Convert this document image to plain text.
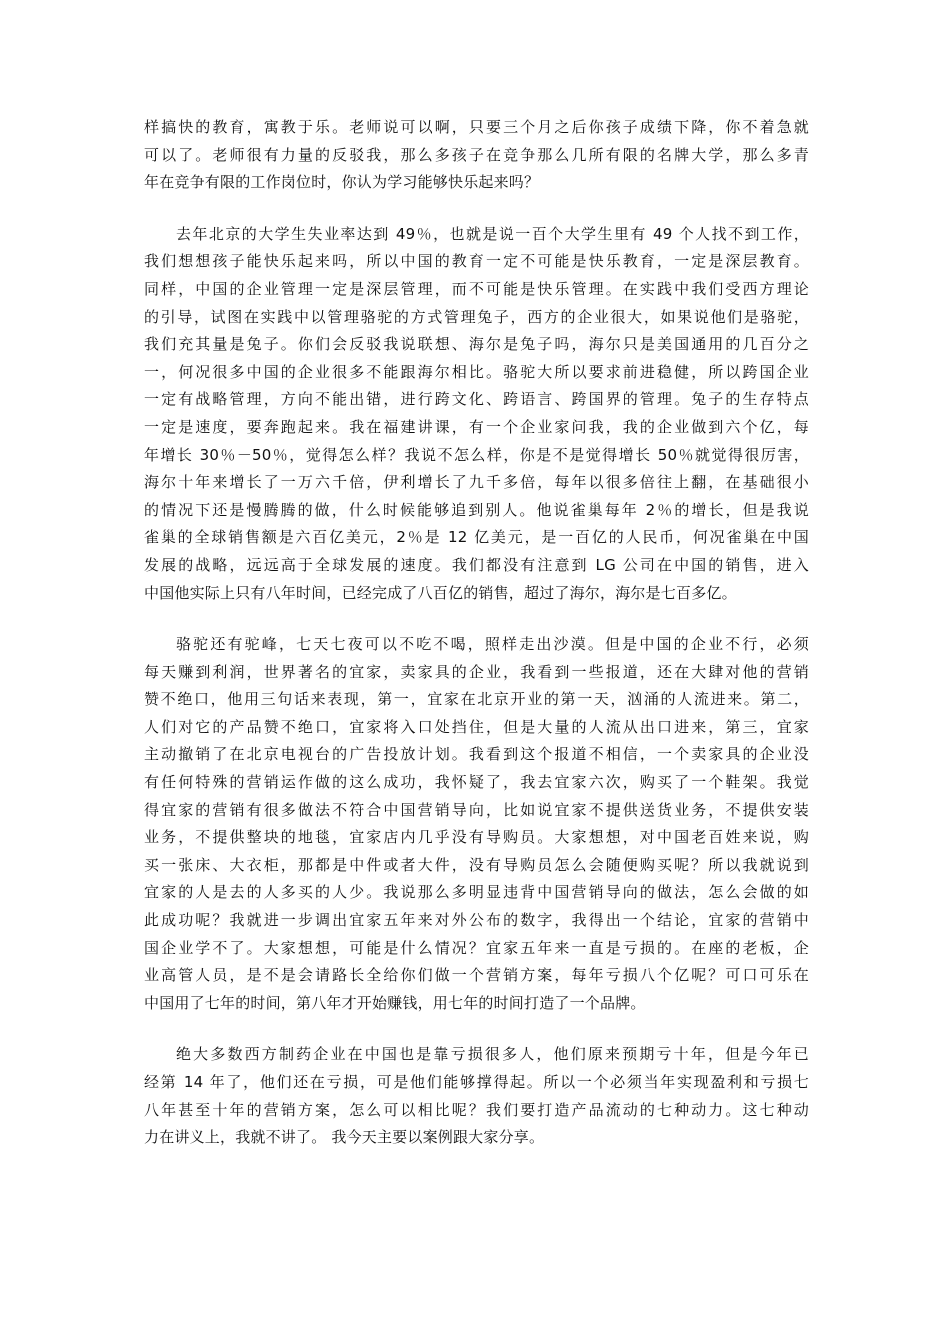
样搞快的教育，寓教于乐。老师说可以啊，只要三个月之后你孩子成绩下降，你不着急就
可以了。老师很有力量的反驳我，那么多孩子在竞争那么几所有限的名牌大学，那么多青
年在竞争有限的工作岗位时，你认为学习能够快乐起来吗？
去年北京的大学生失业率达到 49％，也就是说一百个大学生里有 49 个人找不到工作，
我们想想孩子能快乐起来吗，所以中国的教育一定不可能是快乐教育，一定是深层教育。
同样，中国的企业管理一定是深层管理，而不可能是快乐管理。在实践中我们受西方理论
的引导，试图在实践中以管理骆驼的方式管理兔子，西方的企业很大，如果说他们是骆驼，
我们充其量是兔子。你们会反驳我说联想、海尔是兔子吗，海尔只是美国通用的几百分之
一，何况很多中国的企业很多不能跟海尔相比。骆驼大所以要求前进稳健，所以跨国企业
一定有战略管理，方向不能出错，进行跨文化、跨语言、跨国界的管理。兔子的生存特点
一定是速度，要奔跑起来。我在福建讲课，有一个企业家问我，我的企业做到六个亿，每
年增长 30％－50％，觉得怎么样？我说不怎么样，你是不是觉得增长 50％就觉得很厉害，
海尔十年来增长了一万六千倍，伊利增长了九千多倍，每年以很多倍往上翻，在基础很小
的情况下还是慢腾腾的做，什么时候能够追到别人。他说雀巢每年 2％的增长，但是我说
雀巢的全球销售额是六百亿美元，2％是 12 亿美元，是一百亿的人民币，何况雀巢在中国
发展的战略，远远高于全球发展的速度。我们都没有注意到 LG 公司在中国的销售，进入
中国他实际上只有八年时间，已经完成了八百亿的销售，超过了海尔，海尔是七百多亿。
骆驼还有驼峰，七天七夜可以不吃不喝，照样走出沙漠。但是中国的企业不行，必须
每天赚到利润，世界著名的宜家，卖家具的企业，我看到一些报道，还在大肆对他的营销
赞不绝口，他用三句话来表现，第一，宜家在北京开业的第一天，汹涌的人流进来。第二，
人们对它的产品赞不绝口，宜家将入口处挡住，但是大量的人流从出口进来，第三，宜家
主动撤销了在北京电视台的广告投放计划。我看到这个报道不相信，一个卖家具的企业没
有任何特殊的营销运作做的这么成功，我怀疑了，我去宜家六次，购买了一个鞋架。我觉
得宜家的营销有很多做法不符合中国营销导向，比如说宜家不提供送货业务，不提供安装
业务，不提供整块的地毯，宜家店内几乎没有导购员。大家想想，对中国老百姓来说，购
买一张床、大衣柜，那都是中件或者大件，没有导购员怎么会随便购买呢？所以我就说到
宜家的人是去的人多买的人少。我说那么多明显违背中国营销导向的做法，怎么会做的如
此成功呢？我就进一步调出宜家五年来对外公布的数字，我得出一个结论，宜家的营销中
国企业学不了。大家想想，可能是什么情况？宜家五年来一直是亏损的。在座的老板，企
业高管人员，是不是会请路长全给你们做一个营销方案，每年亏损八个亿呢？可口可乐在
中国用了七年的时间，第八年才开始赚钱，用七年的时间打造了一个品牌。
绝大多数西方制药企业在中国也是靠亏损很多人，他们原来预期亏十年，但是今年已
经第 14 年了，他们还在亏损，可是他们能够撑得起。所以一个必须当年实现盈利和亏损七
八年甚至十年的营销方案，怎么可以相比呢？我们要打造产品流动的七种动力。这七种动
力在讲义上，我就不讲了。 我今天主要以案例跟大家分享。
